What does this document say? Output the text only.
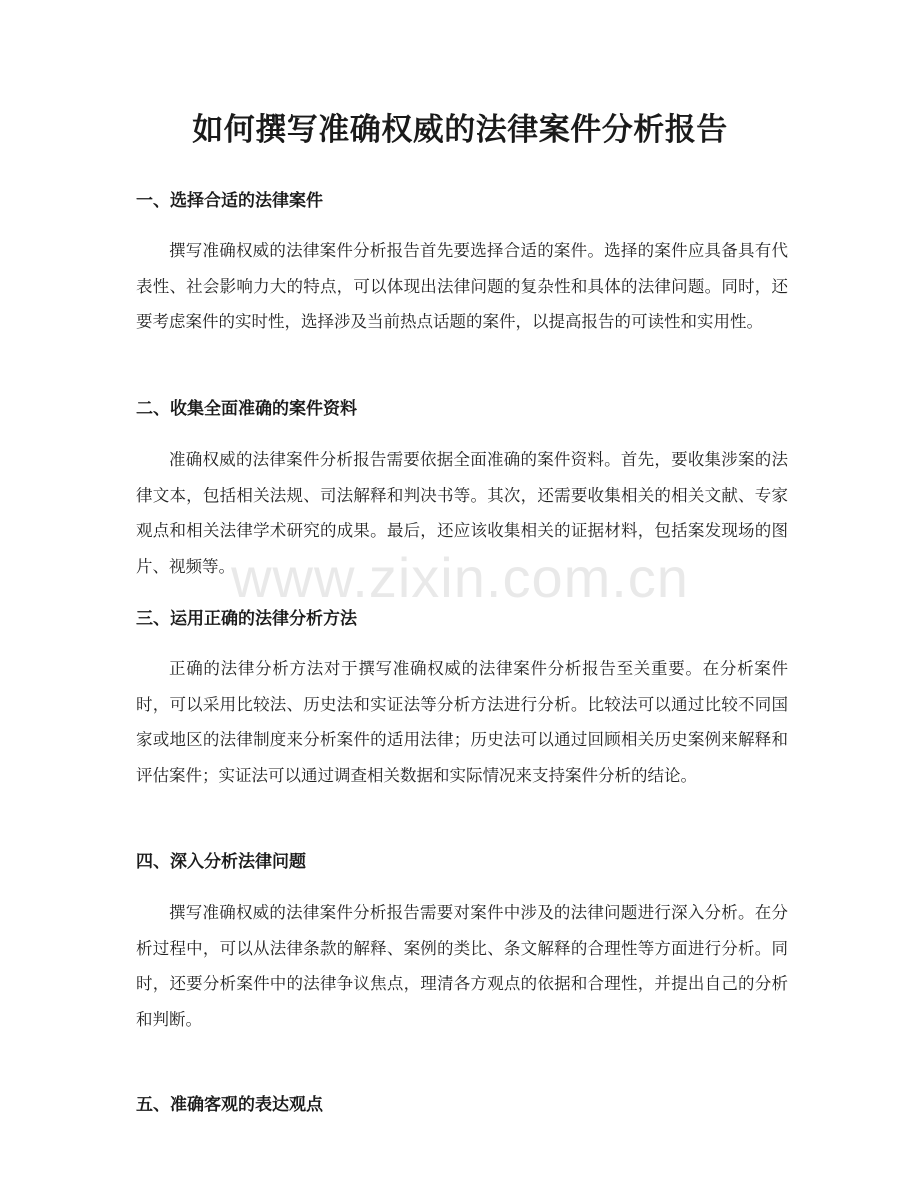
如何撰写准确权威的法律案件分析报告
一、选择合适的法律案件

撰写准确权威的法律案件分析报告首先要选择合适的案件。选择的案件应具备具有代表性、社会影响力大的特点，可以体现出法律问题的复杂性和具体的法律问题。同时，还要考虑案件的实时性，选择涉及当前热点话题的案件，以提高报告的可读性和实用性。

二、收集全面准确的案件资料

准确权威的法律案件分析报告需要依据全面准确的案件资料。首先，要收集涉案的法律文本，包括相关法规、司法解释和判决书等。其次，还需要收集相关的相关文献、专家观点和相关法律学术研究的成果。最后，还应该收集相关的证据材料，包括案发现场的图片、视频等。

三、运用正确的法律分析方法

正确的法律分析方法对于撰写准确权威的法律案件分析报告至关重要。在分析案件时，可以采用比较法、历史法和实证法等分析方法进行分析。比较法可以通过比较不同国家或地区的法律制度来分析案件的适用法律；历史法可以通过回顾相关历史案例来解释和评估案件；实证法可以通过调查相关数据和实际情况来支持案件分析的结论。

四、深入分析法律问题

撰写准确权威的法律案件分析报告需要对案件中涉及的法律问题进行深入分析。在分析过程中，可以从法律条款的解释、案例的类比、条文解释的合理性等方面进行分析。同时，还要分析案件中的法律争议焦点，理清各方观点的依据和合理性，并提出自己的分析和判断。

五、准确客观的表达观点
www.zixin.com.cn
